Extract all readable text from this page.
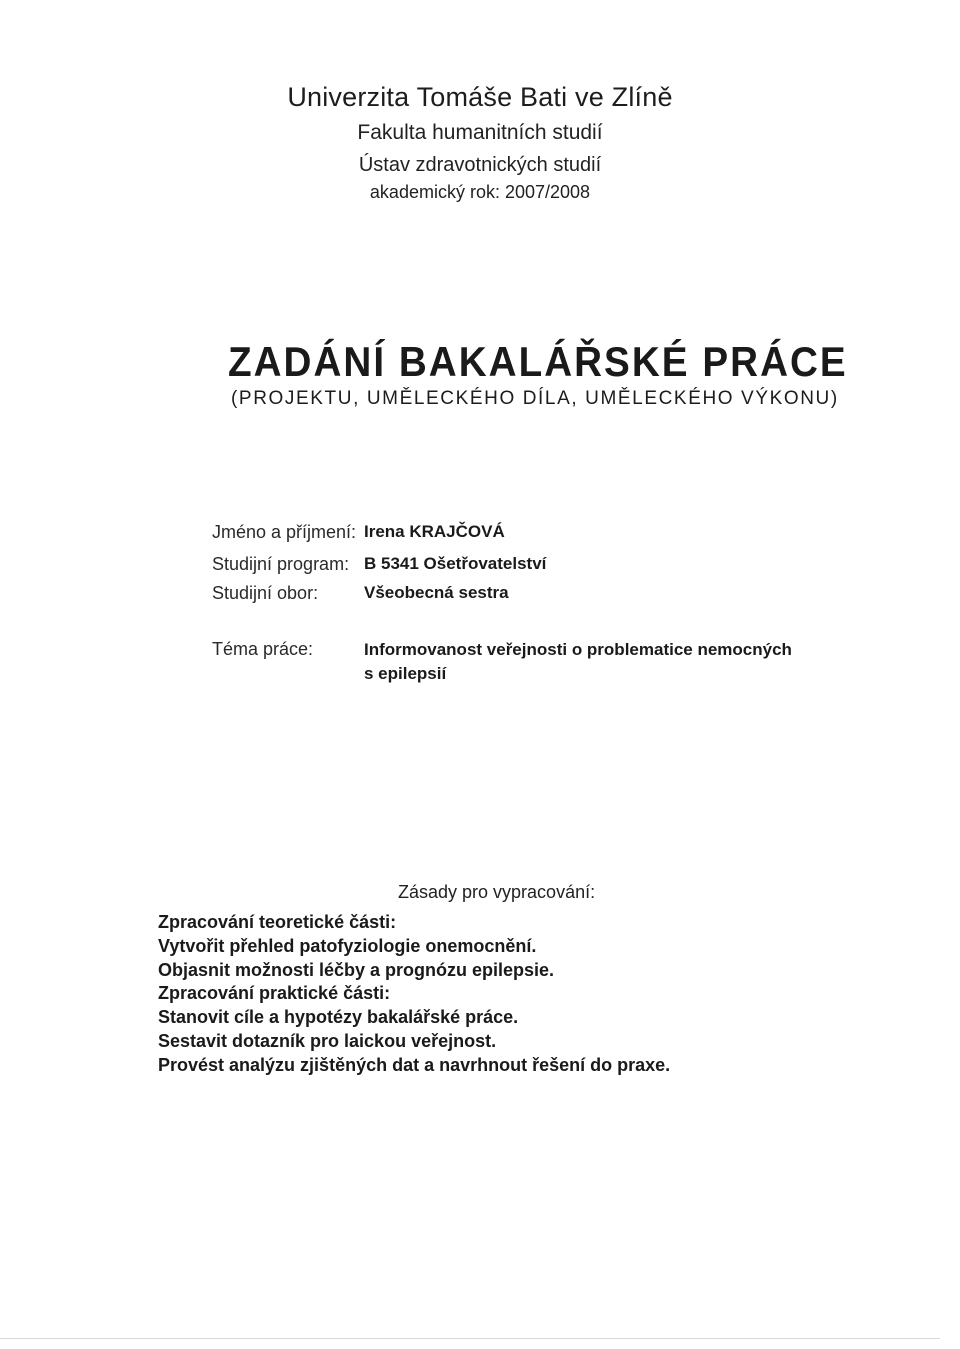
Univerzita Tomáše Bati ve Zlíně
Fakulta humanitních studií
Ústav zdravotnických studií
akademický rok: 2007/2008
ZADÁNÍ BAKALÁŘSKÉ PRÁCE
(PROJEKTU, UMĚLECKÉHO DÍLA, UMĚLECKÉHO VÝKONU)
Jméno a příjmení: Irena KRAJČOVÁ
Studijní program: B 5341 Ošetřovatelství
Studijní obor:	Všeobecná sestra
Téma práce:	Informovanost veřejnosti o problematice nemocných s epilepsií
Zásady pro vypracování:
Zpracování teoretické části:
Vytvořit přehled patofyziologie onemocnění.
Objasnit možnosti léčby a prognózu epilepsie.
Zpracování praktické části:
Stanovit cíle a hypotézy bakalářské práce.
Sestavit dotazník pro laickou veřejnost.
Provést analýzu zjištěných dat a navrhnout řešení do praxe.
